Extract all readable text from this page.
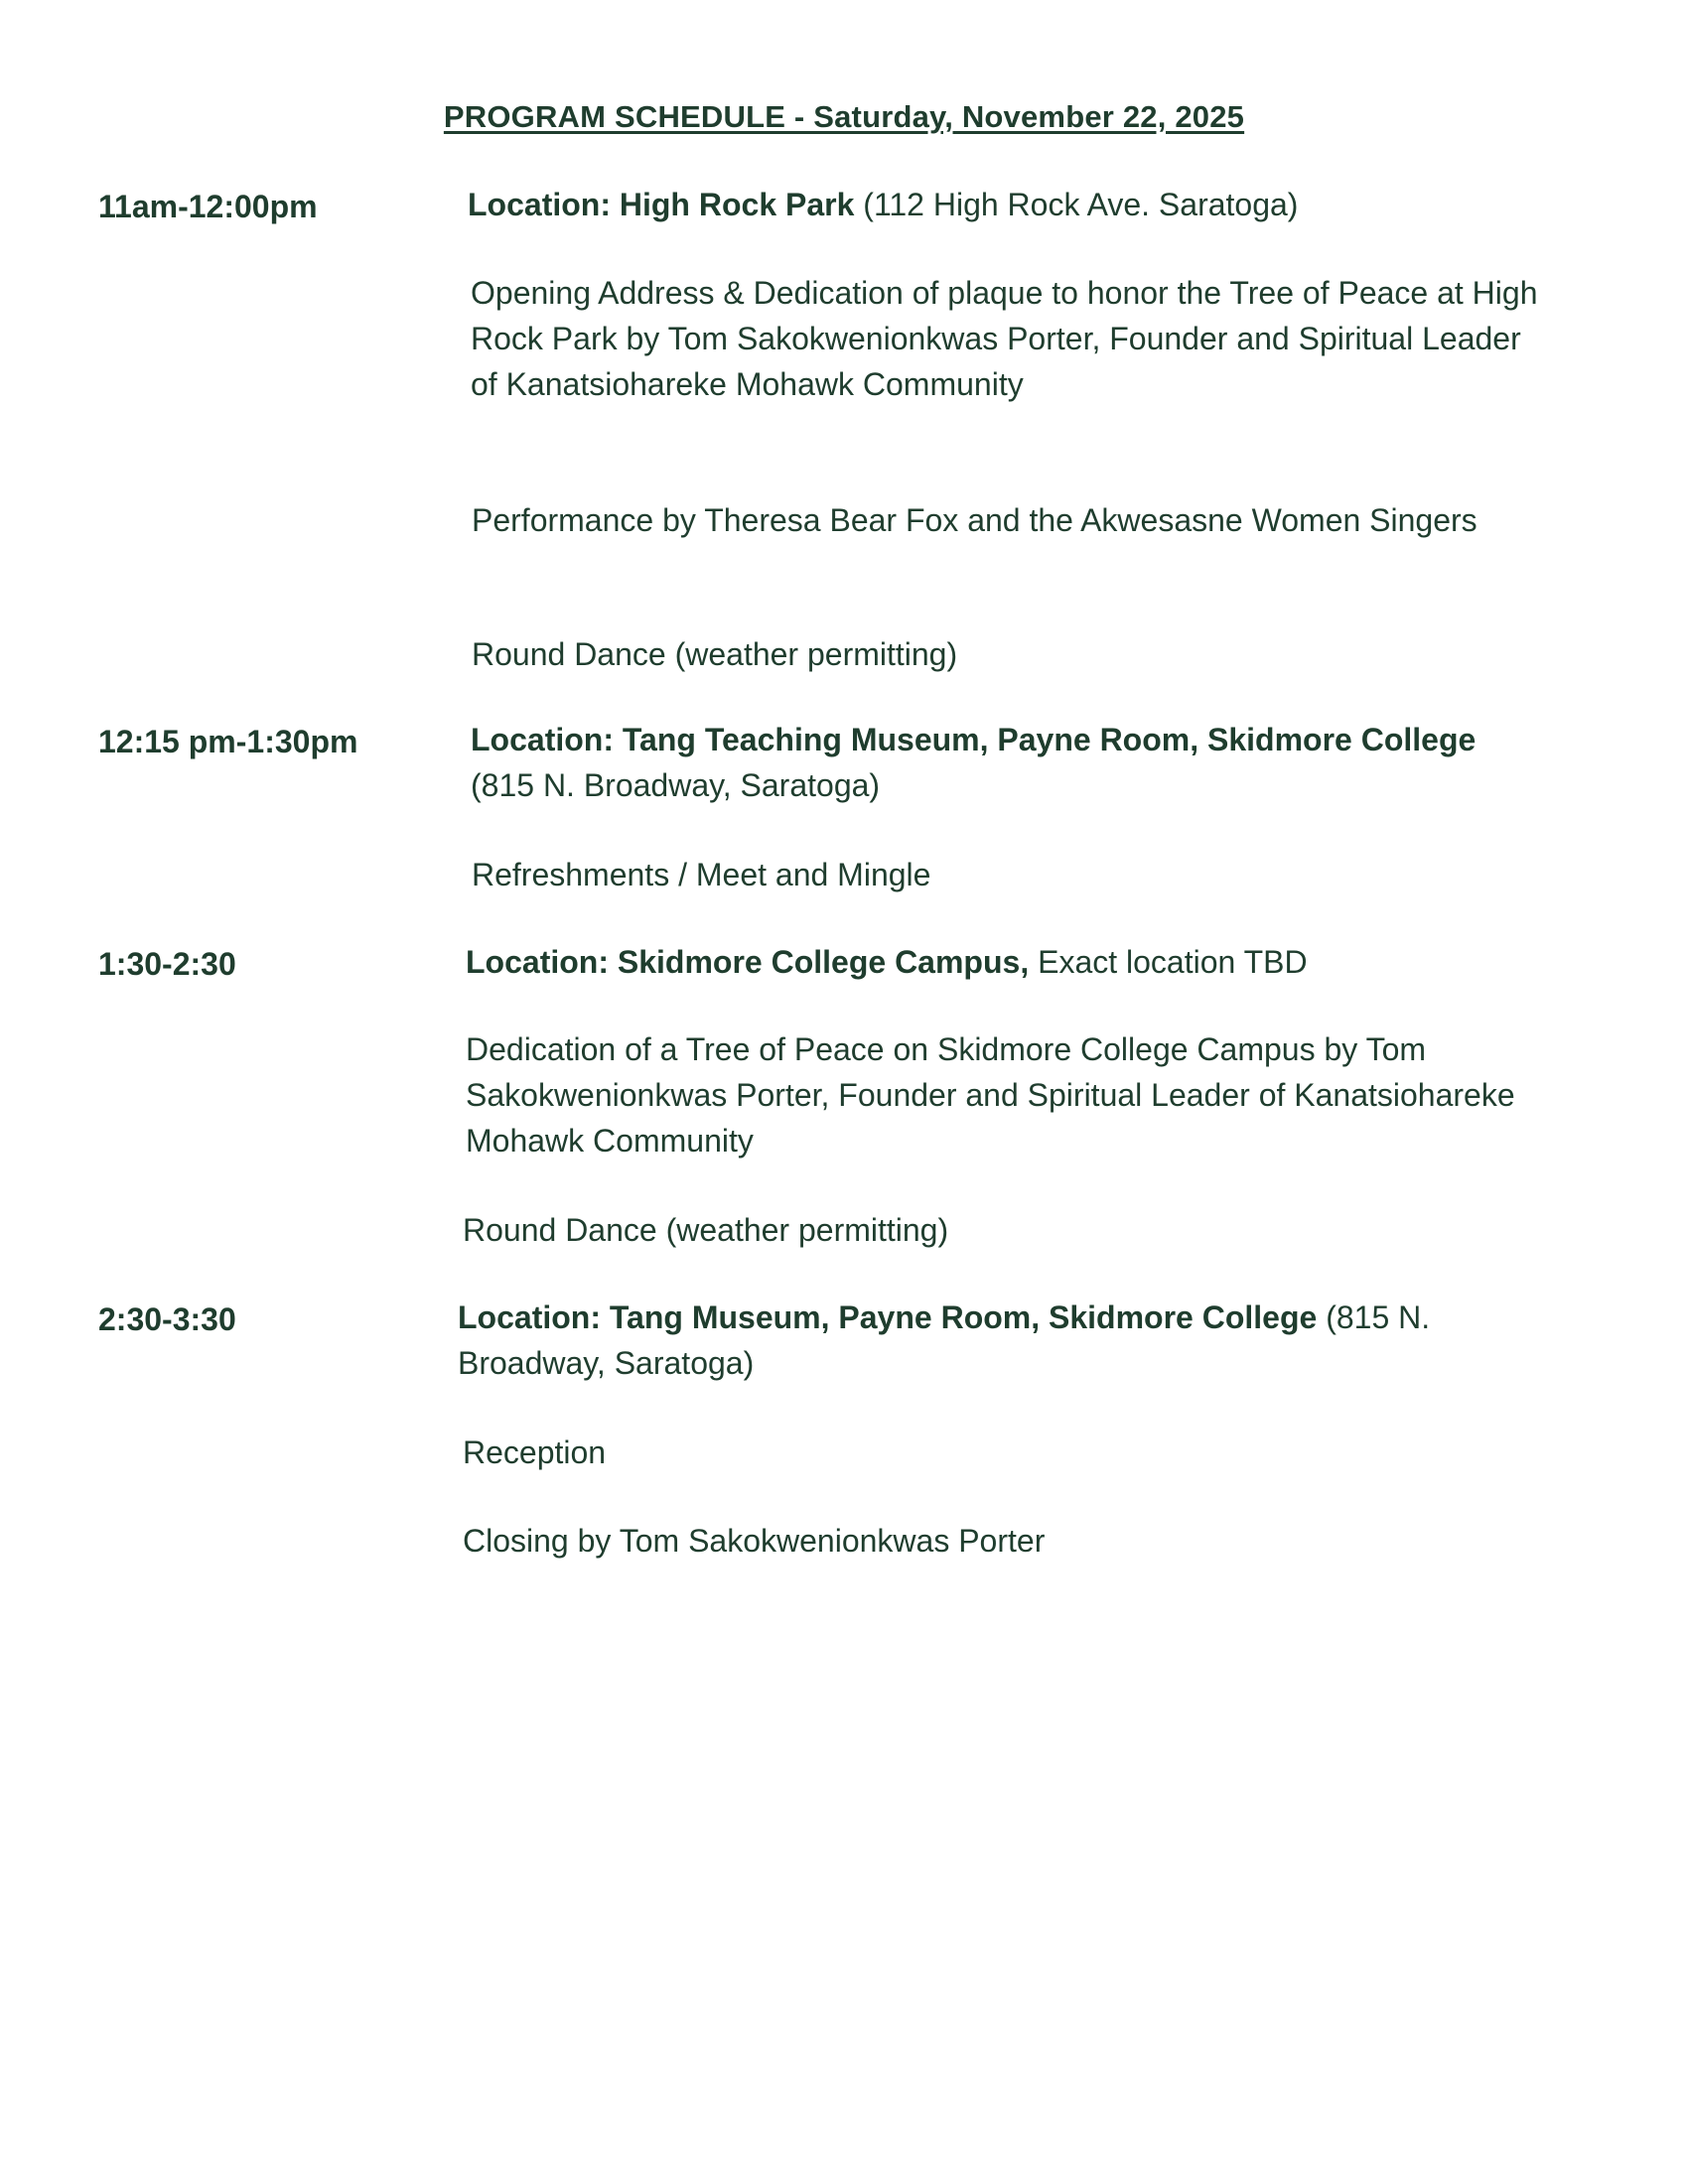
PROGRAM SCHEDULE - Saturday, November 22, 2025
11am-12:00pm	Location: High Rock Park (112 High Rock Ave. Saratoga)
Opening Address & Dedication of plaque to honor the Tree of Peace at High Rock Park by Tom Sakokwenionkwas Porter, Founder and Spiritual Leader of Kanatsiohareke Mohawk Community
Performance by Theresa Bear Fox and the Akwesasne Women Singers
Round Dance (weather permitting)
12:15 pm-1:30pm	Location: Tang Teaching Museum, Payne Room, Skidmore College (815 N. Broadway, Saratoga)
Refreshments / Meet and Mingle
1:30-2:30	Location: Skidmore College Campus, Exact location TBD
Dedication of a Tree of Peace on Skidmore College Campus by Tom Sakokwenionkwas Porter, Founder and Spiritual Leader of Kanatsiohareke Mohawk Community
Round Dance (weather permitting)
2:30-3:30	Location: Tang Museum, Payne Room, Skidmore College (815 N. Broadway, Saratoga)
Reception
Closing by Tom Sakokwenionkwas Porter
